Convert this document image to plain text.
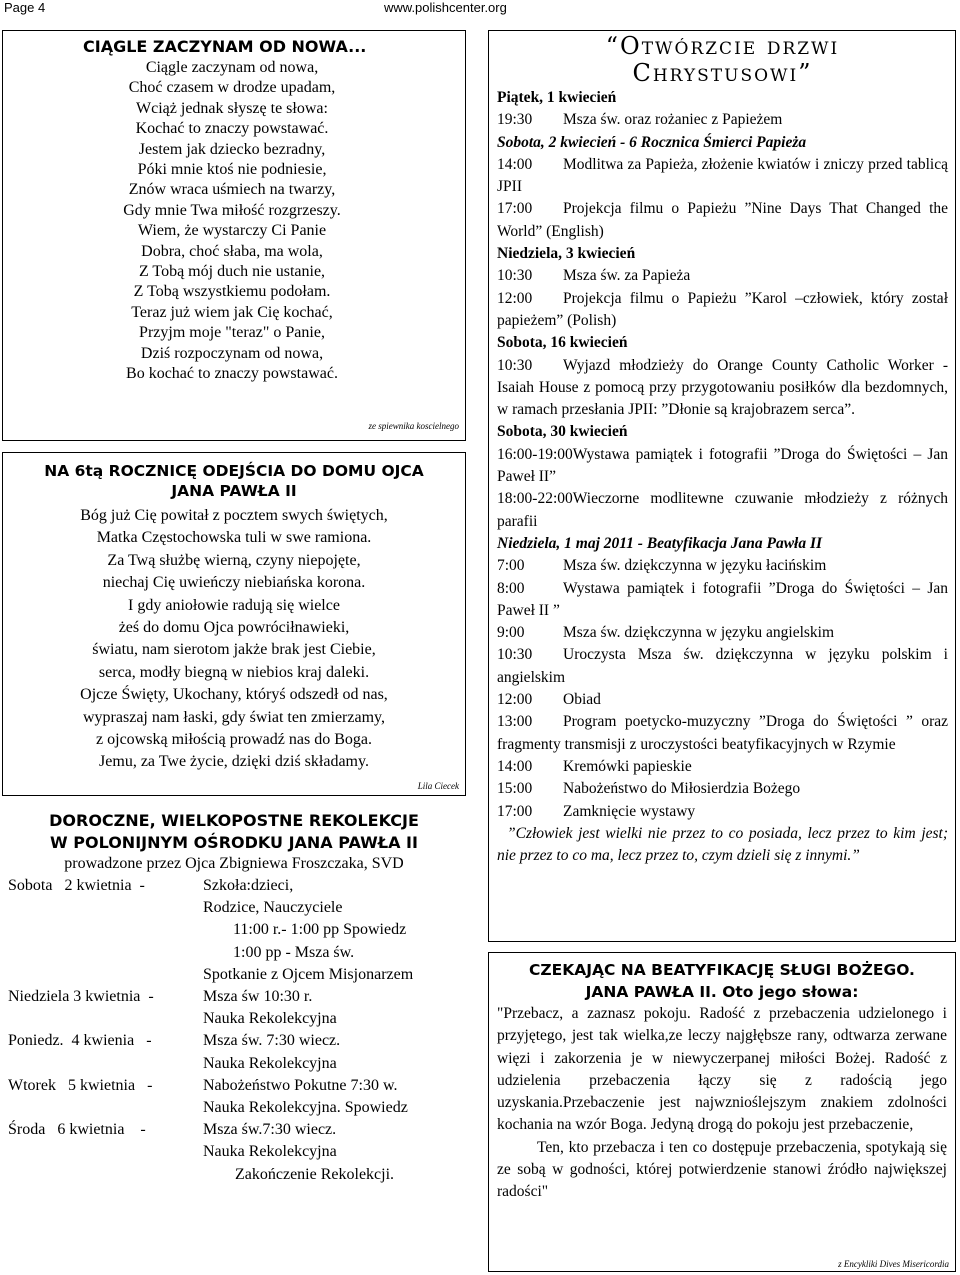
Page 4	www.polishcenter.org
CIĄGLE ZACZYNAM OD NOWA...
Ciągle zaczynam od nowa,
Choć czasem w drodze upadam,
Wciąż jednak słyszę te słowa:
Kochać to znaczy powstawać.
Jestem jak dziecko bezradny,
Póki mnie ktoś nie podniesie,
Znów wraca uśmiech na twarzy,
Gdy mnie Twa miłość rozgrzeszy.
Wiem, że wystarczy Ci Panie
Dobra, choć słaba, ma wola,
Z Tobą mój duch nie ustanie,
Z Tobą wszystkiemu podołam.
Teraz już wiem jak Cię kochać,
Przyjm moje "teraz" o Panie,
Dziś rozpoczynam od nowa,
Bo kochać to znaczy powstawać.
ze spiewnika koscielnego
NA 6tą ROCZNICĘ ODEJŚCIA DO DOMU OJCA
JANA PAWŁA II
Bóg już Cię powitał z pocztem swych świętych,
Matka Częstochowska tuli w swe ramiona.
Za Twą służbę wierną, czyny niepojęte,
niechaj Cię uwieńczy niebiańska korona.
I gdy aniołowie radują się wielce
żeś do domu Ojca powróciłnawieki,
światu, nam sierotom jakże brak jest Ciebie,
serca, modły biegną w niebios kraj daleki.
Ojcze Święty, Ukochany, któryś odszedł od nas,
wypraszaj nam łaski, gdy świat ten zmierzamy,
z ojcowską miłością prowadź nas do Boga.
Jemu, za Twe życie, dzięki dziś składamy.
Lila Ciecek
DOROCZNE, WIELKOPOSTNE REKOLEKCJE
W POLONIJNYM OŚRODKU JANA PAWŁA II
prowadzone przez Ojca Zbigniewa Froszczaka, SVD
Sobota   2 kwietnia  -	Szkoła:dzieci,
Rodzice, Nauczyciele
11:00 r.- 1:00 pp Spowiedz
1:00 pp - Msza św.
Spotkanie z Ojcem Misjonarzem
Niedziela 3 kwietnia  -	Msza św 10:30 r.
Nauka Rekolekcyjna
Poniedz.  4 kwienia   -	Msza św. 7:30 wiecz.
Nauka Rekolekcyjna
Wtorek   5 kwietnia   -	Nabożeństwo Pokutne 7:30 w.
Nauka Rekolekcyjna. Spowiedz
Środa   6 kwietnia    -	Msza św.7:30 wiecz.
Nauka Rekolekcyjna
Zakończenie Rekolekcji.
“Otwórzcie drzwi
Chrystusowi”
Piątek, 1 kwiecień
19:30 Msza św. oraz rożaniec z Papieżem
Sobota, 2 kwiecień - 6 Rocznica Śmierci Papieża
14:00 Modlitwa za Papieża, złożenie kwiatów i zniczy przed tablicą JPII
17:00 Projekcja filmu o Papieżu ”Nine Days That Changed the World” (English)
Niedziela, 3 kwiecień
10:30 Msza św. za Papieża
12:00 Projekcja filmu o Papieżu ”Karol –człowiek, który został papieżem” (Polish)
Sobota, 16 kwiecień
10:30 Wyjazd młodzieży do Orange County Catholic Worker - Isaiah House z pomocą przy przygotowaniu posiłków dla bezdomnych, w ramach przesłania JPII: ”Dłonie są krajobrazem serca”.
Sobota, 30 kwiecień
16:00-19:00Wystawa pamiątek i fotografii ”Droga do Świętości – Jan Paweł II”
18:00-22:00Wieczorne modlitewne czuwanie młodzieży z różnych parafii
Niedziela, 1 maj 2011 - Beatyfikacja Jana Pawła II
7:00 Msza św. dziękczynna w języku łacińskim
8:00 Wystawa pamiątek i fotografii ”Droga do Świętości – Jan Paweł II ”
9:00 Msza św. dziękczynna w języku angielskim
10:30 Uroczysta Msza św. dziękczynna w języku polskim i angielskim
12:00 Obiad
13:00 Program poetycko-muzyczny ”Droga do Świętości ” oraz fragmenty transmisji z uroczystości beatyfikacyjnych w Rzymie
14:00 Kremówki papieskie
15:00 Nabożeństwo do Miłosierdzia Bożego
17:00 Zamknięcie wystawy
”Człowiek jest wielki nie przez to co posiada, lecz przez to kim jest; nie przez to co ma, lecz przez to, czym dzieli się z innymi.”
CZEKAJĄC NA BEATYFIKACJĘ SŁUGI BOŻEGO.
JANA PAWŁA II. Oto jego słowa:

"Przebacz, a zaznasz pokoju. Radość z przebaczenia udzielonego i przyjętego, jest tak wielka,ze leczy najgłębsze rany, odtwarza zerwane więzi i zakorzenia je w niewyczerpanej miłości Bożej. Radość z udzielenia przebaczenia łączy się z radością jego uzyskania.Przebaczenie jest najwznioślejszym znakiem zdolności kochania na wzór Boga. Jedyną drogą do pokoju jest przebaczenie,

Ten, kto przebacza i ten co dostępuje przebaczenia, spotykają się ze sobą w godności, której potwierdzenie stanowi źródło największej radości"

z Encykliki Dives Misericordia
